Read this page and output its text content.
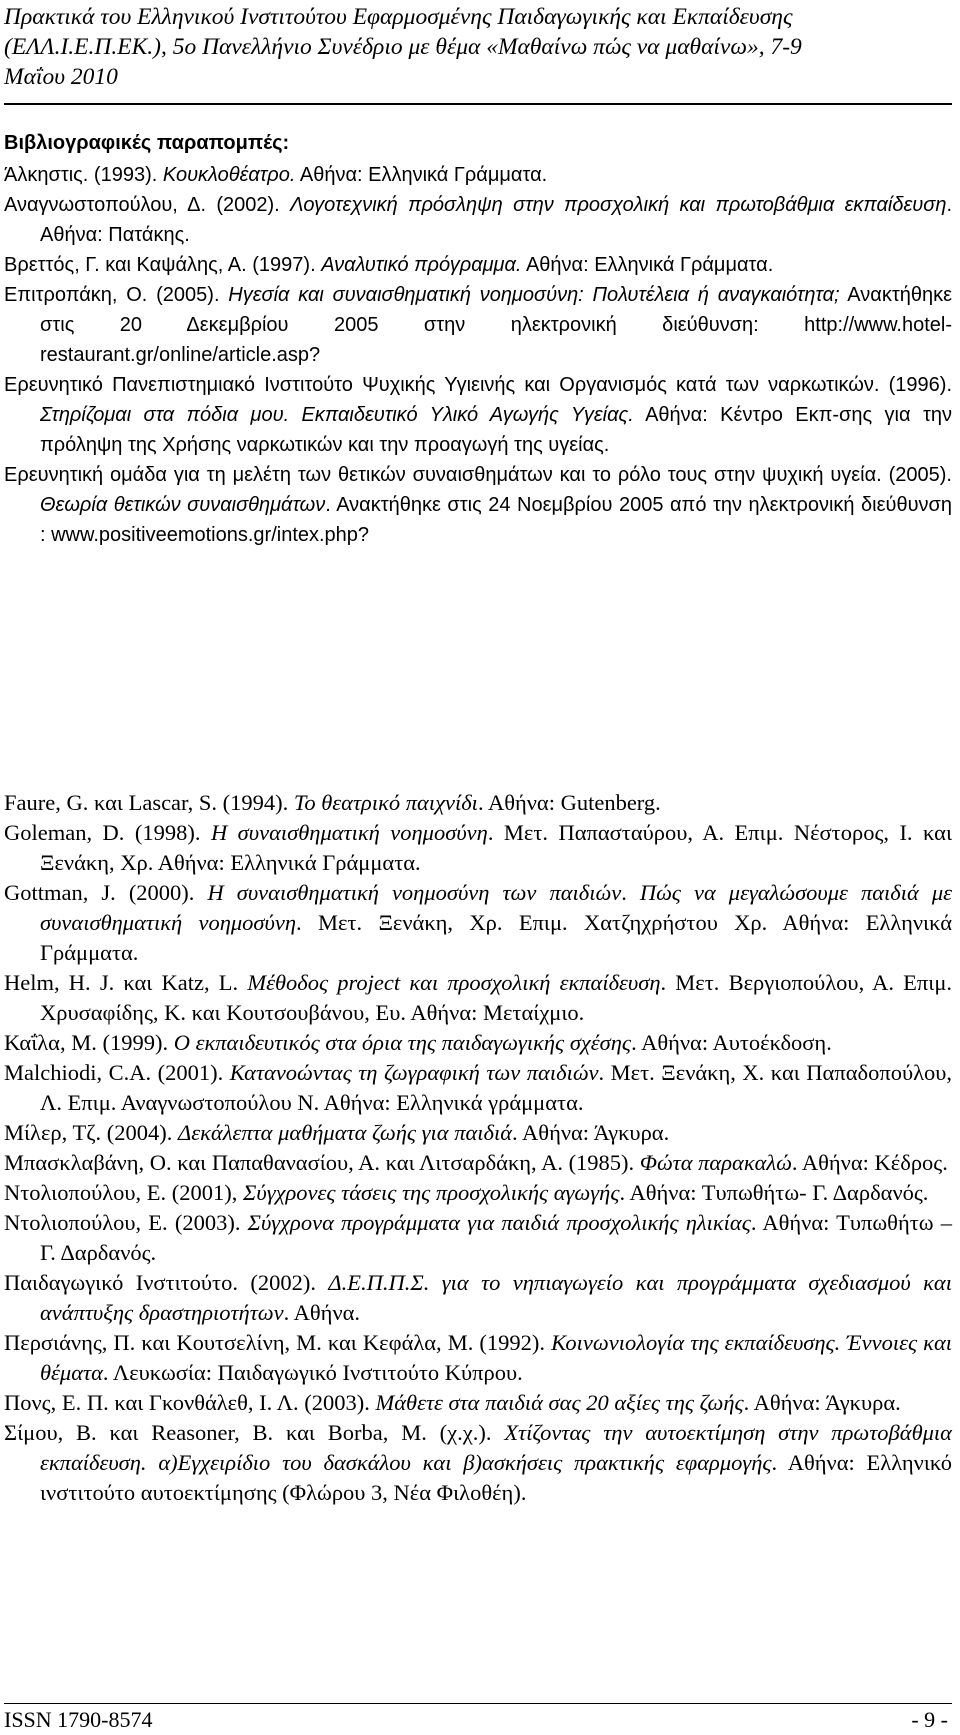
Πρακτικά του Ελληνικού Ινστιτούτου Εφαρμοσμένης Παιδαγωγικής και Εκπαίδευσης
(ΕΛΛ.Ι.Ε.Π.ΕΚ.), 5ο Πανελλήνιο Συνέδριο με θέμα «Μαθαίνω πώς να μαθαίνω», 7-9
Μαΐου 2010
Βιβλιογραφικές παραπομπές:

Άλκηστις. (1993). Κουκλοθέατρο. Αθήνα: Ελληνικά Γράμματα.

Αναγνωστοπούλου, Δ. (2002). Λογοτεχνική πρόσληψη στην προσχολική και πρωτοβάθμια εκπαίδευση. Αθήνα: Πατάκης.

Βρεττός, Γ. και Καψάλης, Α. (1997). Αναλυτικό πρόγραμμα. Αθήνα: Ελληνικά Γράμματα.

Επιτροπάκη, Ο. (2005). Ηγεσία και συναισθηματική νοημοσύνη: Πολυτέλεια ή αναγκαιότητα; Ανακτήθηκε στις 20 Δεκεμβρίου 2005 στην ηλεκτρονική διεύθυνση: http://www.hotel-restaurant.gr/online/article.asp?

Ερευνητικό Πανεπιστημιακό Ινστιτούτο Ψυχικής Υγιεινής και Οργανισμός κατά των ναρκωτικών. (1996). Στηρίζομαι στα πόδια μου. Εκπαιδευτικό Υλικό Αγωγής Υγείας. Αθήνα: Κέντρο Εκπ-σης για την πρόληψη της Χρήσης ναρκωτικών και την προαγωγή της υγείας.

Ερευνητική ομάδα για τη μελέτη των θετικών συναισθημάτων και το ρόλο τους στην ψυχική υγεία. (2005). Θεωρία θετικών συναισθημάτων. Ανακτήθηκε στις 24 Νοεμβρίου 2005 από την ηλεκτρονική διεύθυνση : www.positiveemotions.gr/intex.php?

Faure, G. και Lascar, S. (1994). Το θεατρικό παιχνίδι. Αθήνα: Gutenberg.

Goleman, D. (1998). Η συναισθηματική νοημοσύνη. Μετ. Παπασταύρου, Α. Επιμ. Νέστορος, Ι. και Ξενάκη, Χρ. Αθήνα: Ελληνικά Γράμματα.

Gottman, J. (2000). Η συναισθηματική νοημοσύνη των παιδιών. Πώς να μεγαλώσουμε παιδιά με συναισθηματική νοημοσύνη. Μετ. Ξενάκη, Χρ. Επιμ. Χατζηχρήστου Χρ. Αθήνα: Ελληνικά Γράμματα.

Helm, H. J. και Katz, L. Μέθοδος project και προσχολική εκπαίδευση. Μετ. Βεργιοπούλου, Α. Επιμ. Χρυσαφίδης, Κ. και Κουτσουβάνου, Ευ. Αθήνα: Μεταίχμιο.

Καΐλα, Μ. (1999). Ο εκπαιδευτικός στα όρια της παιδαγωγικής σχέσης. Αθήνα: Αυτοέκδοση.

Malchiodi, C.A. (2001). Κατανοώντας τη ζωγραφική των παιδιών. Μετ. Ξενάκη, Χ. και Παπαδοπούλου, Λ. Επιμ. Αναγνωστοπούλου Ν. Αθήνα: Ελληνικά γράμματα.

Μίλερ, Τζ. (2004). Δεκάλεπτα μαθήματα ζωής για παιδιά. Αθήνα: Άγκυρα.

Μπασκλαβάνη, Ο. και Παπαθανασίου, Α. και Λιτσαρδάκη, Α. (1985). Φώτα παρακαλώ. Αθήνα: Κέδρος.

Ντολιοπούλου, Ε. (2001), Σύγχρονες τάσεις της προσχολικής αγωγής. Αθήνα: Τυπωθήτω- Γ. Δαρδανός.

Ντολιοπούλου, Ε. (2003). Σύγχρονα προγράμματα για παιδιά προσχολικής ηλικίας. Αθήνα: Τυπωθήτω – Γ. Δαρδανός.

Παιδαγωγικό Ινστιτούτο. (2002). Δ.Ε.Π.Π.Σ. για το νηπιαγωγείο και προγράμματα σχεδιασμού και ανάπτυξης δραστηριοτήτων. Αθήνα.

Περσιάνης, Π. και Κουτσελίνη, Μ. και Κεφάλα, Μ. (1992). Κοινωνιολογία της εκπαίδευσης. Έννοιες και θέματα. Λευκωσία: Παιδαγωγικό Ινστιτούτο Κύπρου.

Πονς, Ε. Π. και Γκονθάλεθ, Ι. Λ. (2003). Μάθετε στα παιδιά σας 20 αξίες της ζωής. Αθήνα: Άγκυρα.

Σίμου, Β. και Reasoner, Β. και Borba, Μ. (χ.χ.). Χτίζοντας την αυτοεκτίμηση στην πρωτοβάθμια εκπαίδευση. α)Εγχειρίδιο του δασκάλου και β)ασκήσεις πρακτικής εφαρμογής. Αθήνα: Ελληνικό ινστιτούτο αυτοεκτίμησης (Φλώρου 3, Νέα Φιλοθέη).

ISSN 1790-8574	- 9 -
